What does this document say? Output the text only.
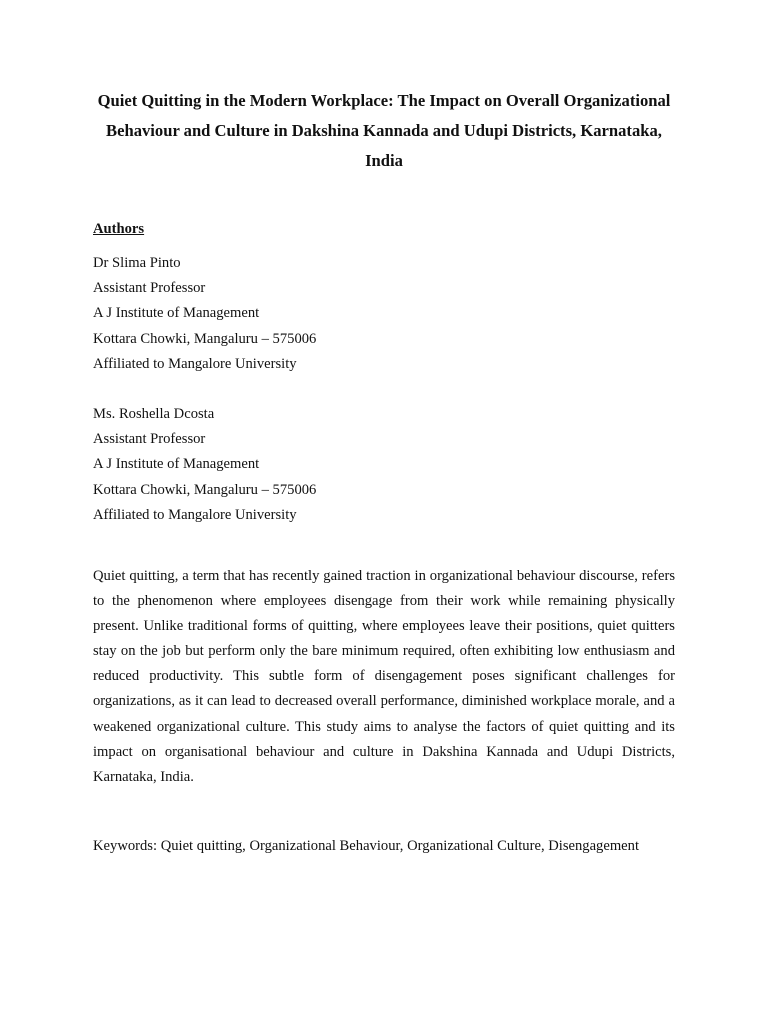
Quiet Quitting in the Modern Workplace: The Impact on Overall Organizational Behaviour and Culture in Dakshina Kannada and Udupi Districts, Karnataka, India
Authors
Dr Slima Pinto
Assistant Professor
A J Institute of Management
Kottara Chowki, Mangaluru – 575006
Affiliated to Mangalore University
Ms. Roshella Dcosta
Assistant Professor
A J Institute of Management
Kottara Chowki, Mangaluru – 575006
Affiliated to Mangalore University

Quiet quitting, a term that has recently gained traction in organizational behaviour discourse, refers to the phenomenon where employees disengage from their work while remaining physically present. Unlike traditional forms of quitting, where employees leave their positions, quiet quitters stay on the job but perform only the bare minimum required, often exhibiting low enthusiasm and reduced productivity. This subtle form of disengagement poses significant challenges for organizations, as it can lead to decreased overall performance, diminished workplace morale, and a weakened organizational culture. This study aims to analyse the factors of quiet quitting and its impact on organisational behaviour and culture in Dakshina Kannada and Udupi Districts, Karnataka, India.

Keywords: Quiet quitting, Organizational Behaviour, Organizational Culture, Disengagement
